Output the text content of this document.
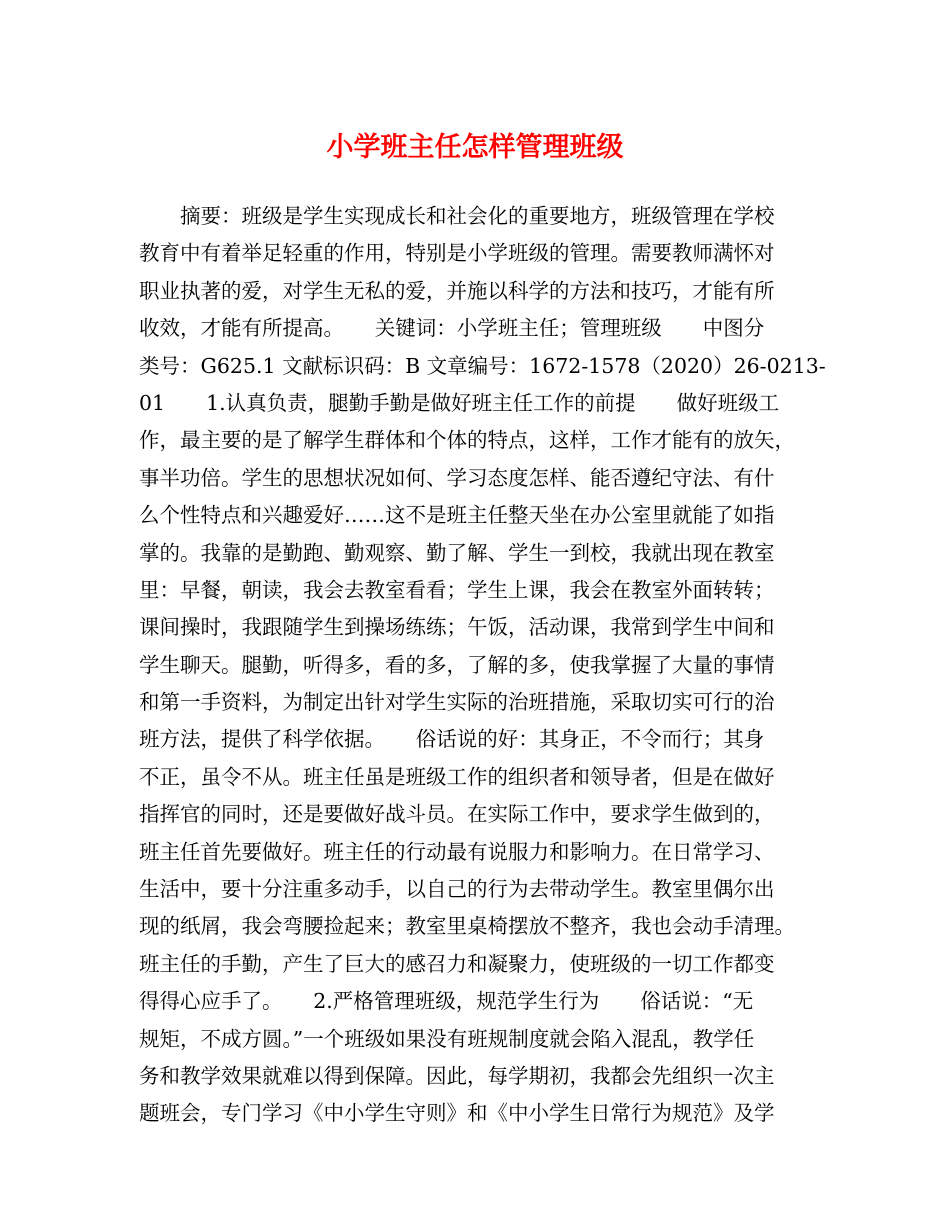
小学班主任怎样管理班级
　　摘要：班级是学生实现成长和社会化的重要地方，班级管理在学校
教育中有着举足轻重的作用，特别是小学班级的管理。需要教师满怀对
职业执著的爱，对学生无私的爱，并施以科学的方法和技巧，才能有所
收效，才能有所提高。　　关键词：小学班主任；管理班级　　中图分
类号：G625.1 文献标识码：B 文章编号：1672-1578（2020）26-0213-
01　　1.认真负责，腿勤手勤是做好班主任工作的前提　　做好班级工
作，最主要的是了解学生群体和个体的特点，这样，工作才能有的放矢，
事半功倍。学生的思想状况如何、学习态度怎样、能否遵纪守法、有什
么个性特点和兴趣爱好……这不是班主任整天坐在办公室里就能了如指
掌的。我靠的是勤跑、勤观察、勤了解、学生一到校，我就出现在教室
里：早餐，朝读，我会去教室看看；学生上课，我会在教室外面转转；
课间操时，我跟随学生到操场练练；午饭，活动课，我常到学生中间和
学生聊天。腿勤，听得多，看的多，了解的多，使我掌握了大量的事情
和第一手资料，为制定出针对学生实际的治班措施，采取切实可行的治
班方法，提供了科学依据。　　俗话说的好：其身正，不令而行；其身
不正，虽令不从。班主任虽是班级工作的组织者和领导者，但是在做好
指挥官的同时，还是要做好战斗员。在实际工作中，要求学生做到的，
班主任首先要做好。班主任的行动最有说服力和影响力。在日常学习、
生活中，要十分注重多动手，以自己的行为去带动学生。教室里偶尔出
现的纸屑，我会弯腰捡起来；教室里桌椅摆放不整齐，我也会动手清理。
班主任的手勤，产生了巨大的感召力和凝聚力，使班级的一切工作都变
得得心应手了。　　2.严格管理班级，规范学生行为　　俗话说：“无
规矩，不成方圆。”一个班级如果没有班规制度就会陷入混乱，教学任
务和教学效果就难以得到保障。因此，每学期初，我都会先组织一次主
题班会，专门学习《中小学生守则》和《中小学生日常行为规范》及学
